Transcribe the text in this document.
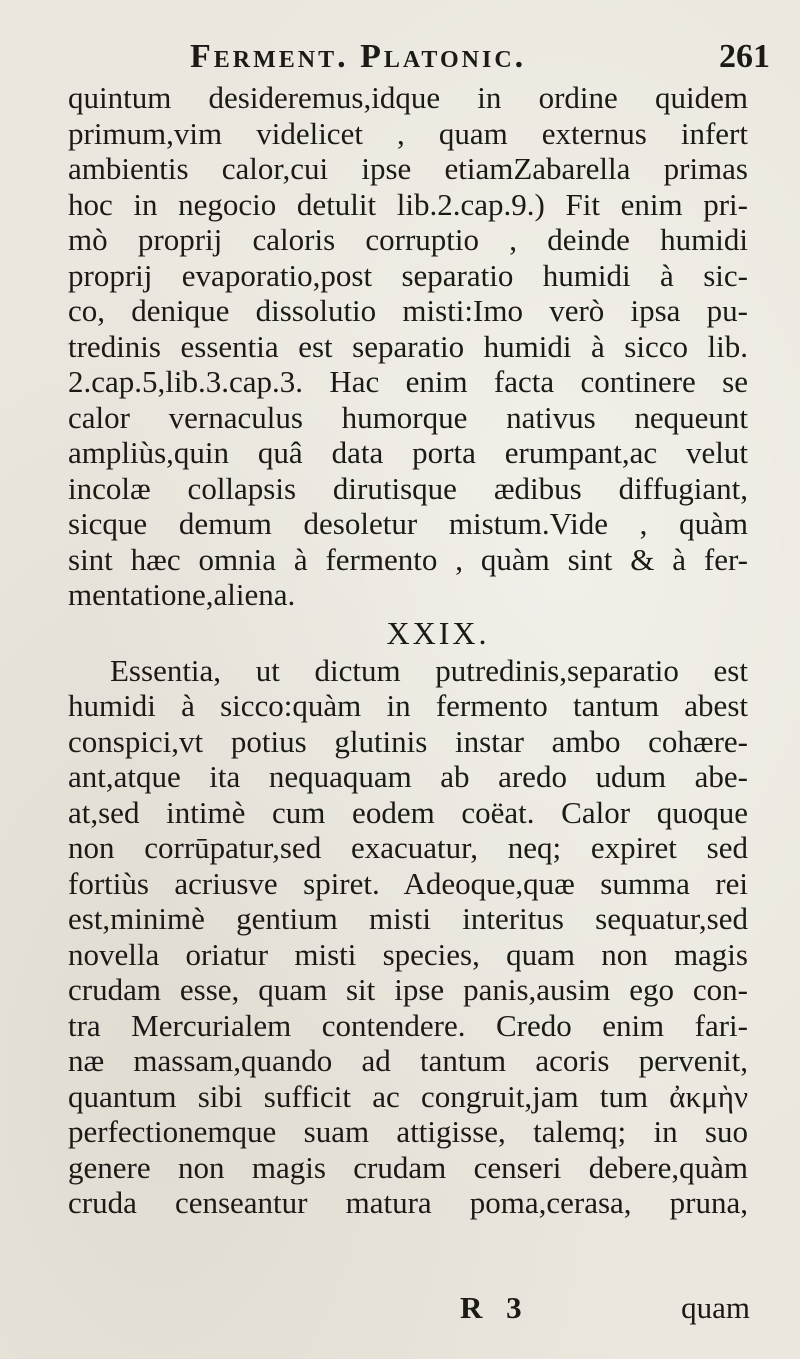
Ferment. Platonic.	261
quintum desideremus,idque in ordine quidem
primum,vim videlicet , quam externus infert
ambientis calor,cui ipse etiamZabarella primas
hoc in negocio detulit lib.2.cap.9.) Fit enim pri-
mò proprij caloris corruptio , deinde humidi
proprij evaporatio,post separatio humidi à sic-
co, denique dissolutio misti:Imo verò ipsa pu-
tredinis essentia est separatio humidi à sicco lib.
2.cap.5,lib.3.cap.3. Hac enim facta continere se
calor vernaculus humorque nativus nequeunt
ampliùs,quin quâ data porta erumpant,ac velut
incolæ collapsis dirutisque ædibus diffugiant,
sicque demum desoletur mistum.Vide , quàm
sint hæc omnia à fermento , quàm sint & à fer-
mentatione,aliena.
XXIX.
Essentia, ut dictum putredinis,separatio est
humidi à sicco:quàm in fermento tantum abest
conspici,vt potius glutinis instar ambo cohære-
ant,atque ita nequaquam ab aredo udum abe-
at,sed intimè cum eodem coëat. Calor quoque
non corrūpatur,sed exacuatur, neq; expiret sed
fortiùs acriusve spiret. Adeoque,quæ summa rei
est,minimè gentium misti interitus sequatur,sed
novella oriatur misti species, quam non magis
crudam esse, quam sit ipse panis,ausim ego con-
tra Mercurialem contendere. Credo enim fari-
næ massam,quando ad tantum acoris pervenit,
quantum sibi sufficit ac congruit,jam tum ἀκμὴν
perfectionemque suam attigisse, talemq; in suo
genere non magis crudam censeri debere,quàm
cruda censeantur matura poma,cerasa, pruna,
R 3	quam
